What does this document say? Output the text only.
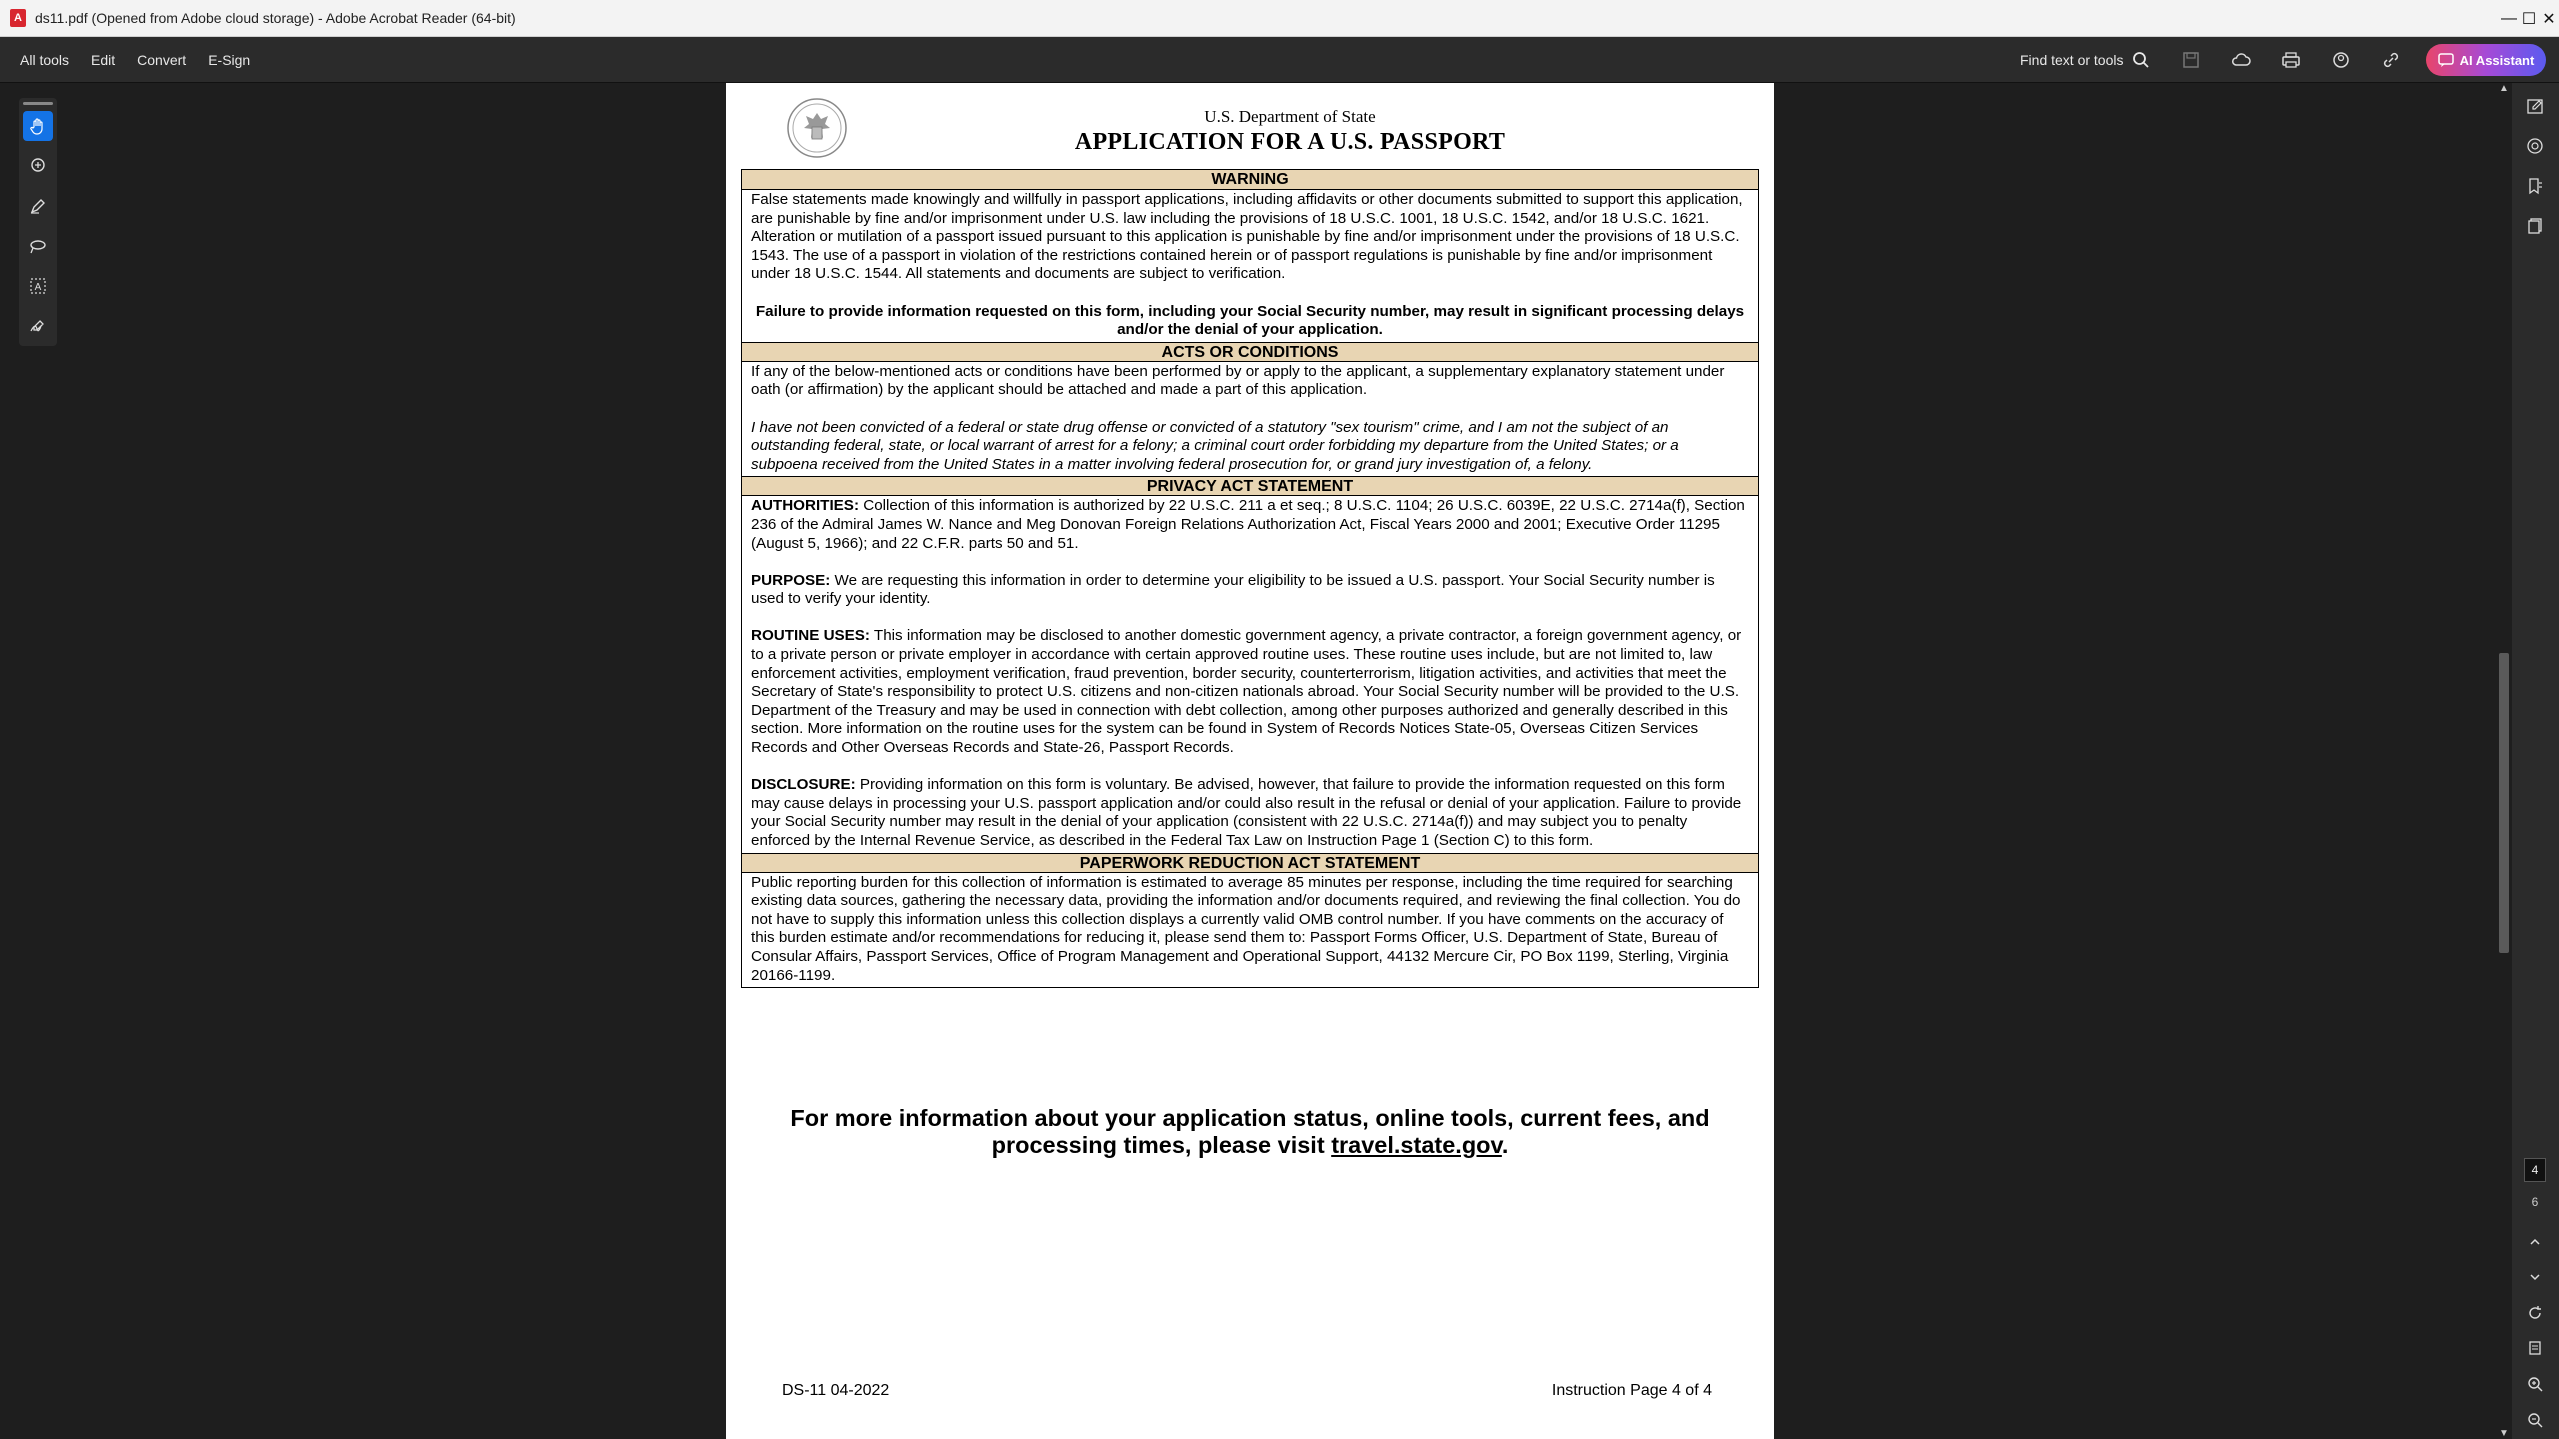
A ds11.pdf (Opened from Adobe cloud storage) - Adobe Acrobat Reader (64-bit)	— ☐ ✕
All tools Edit Convert E-Sign	Find text or tools	AI Assistant
A
U.S. Department of State
APPLICATION FOR A U.S. PASSPORT
WARNING

False statements made knowingly and willfully in passport applications, including affidavits or other documents submitted to support this application, are punishable by fine and/or imprisonment under U.S. law including the provisions of 18 U.S.C. 1001, 18 U.S.C. 1542, and/or 18 U.S.C. 1621. Alteration or mutilation of a passport issued pursuant to this application is punishable by fine and/or imprisonment under the provisions of 18 U.S.C. 1543. The use of a passport in violation of the restrictions contained herein or of passport regulations is punishable by fine and/or imprisonment under 18 U.S.C. 1544. All statements and documents are subject to verification.

Failure to provide information requested on this form, including your Social Security number, may result in significant processing delays and/or the denial of your application.

ACTS OR CONDITIONS

If any of the below-mentioned acts or conditions have been performed by or apply to the applicant, a supplementary explanatory statement under oath (or affirmation) by the applicant should be attached and made a part of this application.

I have not been convicted of a federal or state drug offense or convicted of a statutory "sex tourism" crime, and I am not the subject of an outstanding federal, state, or local warrant of arrest for a felony; a criminal court order forbidding my departure from the United States; or a subpoena received from the United States in a matter involving federal prosecution for, or grand jury investigation of, a felony.

PRIVACY ACT STATEMENT

AUTHORITIES: Collection of this information is authorized by 22 U.S.C. 211 a et seq.; 8 U.S.C. 1104; 26 U.S.C. 6039E, 22 U.S.C. 2714a(f), Section 236 of the Admiral James W. Nance and Meg Donovan Foreign Relations Authorization Act, Fiscal Years 2000 and 2001; Executive Order 11295 (August 5, 1966); and 22 C.F.R. parts 50 and 51.

PURPOSE: We are requesting this information in order to determine your eligibility to be issued a U.S. passport. Your Social Security number is used to verify your identity.

ROUTINE USES: This information may be disclosed to another domestic government agency, a private contractor, a foreign government agency, or to a private person or private employer in accordance with certain approved routine uses. These routine uses include, but are not limited to, law enforcement activities, employment verification, fraud prevention, border security, counterterrorism, litigation activities, and activities that meet the Secretary of State's responsibility to protect U.S. citizens and non-citizen nationals abroad. Your Social Security number will be provided to the U.S. Department of the Treasury and may be used in connection with debt collection, among other purposes authorized and generally described in this section. More information on the routine uses for the system can be found in System of Records Notices State-05, Overseas Citizen Services Records and Other Overseas Records and State-26, Passport Records.

DISCLOSURE: Providing information on this form is voluntary. Be advised, however, that failure to provide the information requested on this form may cause delays in processing your U.S. passport application and/or could also result in the refusal or denial of your application. Failure to provide your Social Security number may result in the denial of your application (consistent with 22 U.S.C. 2714a(f)) and may subject you to penalty enforced by the Internal Revenue Service, as described in the Federal Tax Law on Instruction Page 1 (Section C) to this form.

PAPERWORK REDUCTION ACT STATEMENT

Public reporting burden for this collection of information is estimated to average 85 minutes per response, including the time required for searching existing data sources, gathering the necessary data, providing the information and/or documents required, and reviewing the final collection. You do not have to supply this information unless this collection displays a currently valid OMB control number. If you have comments on the accuracy of this burden estimate and/or recommendations for reducing it, please send them to: Passport Forms Officer, U.S. Department of State, Bureau of Consular Affairs, Passport Services, Office of Program Management and Operational Support, 44132 Mercure Cir, PO Box 1199, Sterling, Virginia 20166-1199.

For more information about your application status, online tools, current fees, and
processing times, please visit travel.state.gov.
DS-11 04-2022	Instruction Page 4 of 4
▲
▼
4
6
